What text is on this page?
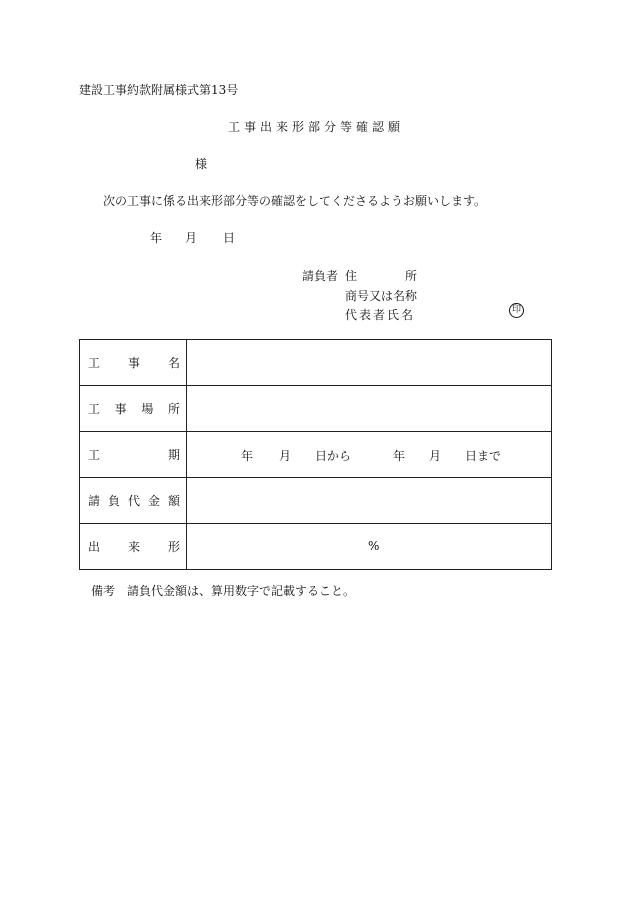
建設工事約款附属様式第13号
工事出来形部分等確認願
様
次の工事に係る出来形部分等の確認をしてくださるようお願いします。
年 月 日
請負者 住	所
商号又は名称
代表者氏名	印
工 事 名	

工 事 場 所	

工 期	年 月 日から 年 月 日まで

請 負 代 金 額	

出 来 形	%
備考　請負代金額は、算用数字で記載すること。
